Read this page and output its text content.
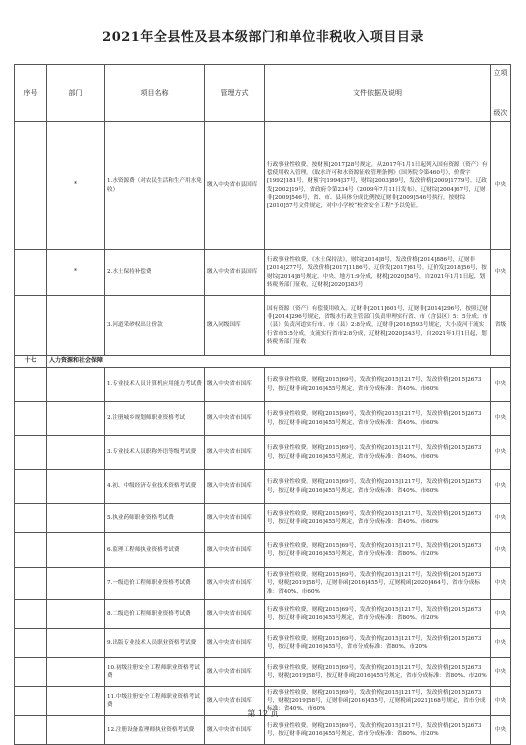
2021年全县性及县本级部门和单位非税收入项目目录
序号	部门	项目名称	管理方式	文件依据及说明	立项
级次

	*	1.水资源费（对农民生活和生产用水免收）	缴入中央省市县国库	行政事业性收费。按财预[2017]28号规定，从2017年1月1日起列入国有资源（资产）有偿使用收入管理。《取水许可和水资源征收管理条例》（国务院令第460号），价费字[1992]181号，财预字[1994]37号，财综[2003]89号，发改价格[2009]1779号，辽政发[2002]19号，省政府令第234号（2009年7月11日发布），辽财综[2004]67号，辽财非[2009]546号，省、市、县具体分成比例按辽财非[2009]546号执行，按财综[2010]57号文件规定，对中小学校“校舍安全工程”予以免征。	中央
	*	2.水土保持补偿费	缴入中央省市县国库	行政事业性收费。《水土保持法》，财综[2014]8号，发改价格[2014]886号，辽财非[2014]277号，发改价格[2017]1186号，辽价发[2017]61号，辽价发[2018]56号，按财综[2014]8号规定，中央、地方1:9分成，财税[2020]58号，自2021年1月1日起，划转税务部门征收，辽财税[2020]383号	中央
		3.河道采砂权出让价款	缴入同级国库	国有资源（资产）有偿使用收入。辽财非[2011]601号，辽财非[2014]296号，按照辽财非[2014]296号规定，省级水行政主管部门负责审理实行省、市（含县区）5：5分成；市（县）负责河道实行市、市（县）2:8分成，辽财非[2016]593号规定，大小凌河干流实行省市5:5分成，支流实行省市2:8分成，辽财税[2020]343号，自2021年1月1日起，划转税务部门征收	省级
十七	人力资源和社会保障				
		1.专业技术人员计算机应用能力考试费	缴入中央省市国库	行政事业性收费。财税[2015]69号，发改价格[2015]1217号，发改价格[2015]2673号，按辽财非函[2016]455号规定，省市分成标准：省40%、市60%	中央
		2.注册城乡规划师职业资格考试	缴入中央省市国库	行政事业性收费。财税[2015]69号，发改价格[2015]1217号，发改价格[2015]2673号，按辽财非函[2016]455号规定，省市分成标准：省40%、市60%	中央
		3.专业技术人员职称外语等级考试费	缴入中央省市国库	行政事业性收费。财税[2015]69号，发改价格[2015]1217号，发改价格[2015]2673号，按辽财非函[2016]455号规定，省市分成标准：省40%、市60%	中央
		4.初、中级经济专业技术资格考试费	缴入中央省市国库	行政事业性收费。财税[2015]69号，发改价格[2015]1217号，发改价格[2015]2673号，按辽财非函[2016]455号规定，省市分成标准：省40%、市60%	中央
		5.执业药师职业资格考试费	缴入中央省市国库	行政事业性收费。财税[2015]69号，发改价格[2015]1217号，发改价格[2015]2673号，按辽财非函[2016]455号规定，省市分成标准：省40%、市60%	中央
		6.监理工程师执业资格考试费	缴入中央省市国库	行政事业性收费。财税[2015]69号，发改价格[2015]1217号，发改价格[2015]2673号，按辽财非函[2016]455号规定，省市分成标准：省80%、市20%	中央
		7.一级造价工程师职业资格考试费	缴入中央省市国库	行政事业性收费。财税[2015]69号，发改价格[2015]1217号，发改价格[2015]2673号，财税[2019]58号，辽财非函[2016]455号，辽财税函[2020]464号，省市分成标准：省40%、市60%	中央
		8.二级造价工程师职业资格考试费	缴入中央省市国库	行政事业性收费。财税[2015]69号，发改价格[2015]1217号，发改价格[2015]2673号，按辽财非函[2016]455号规定，省市分成标准：省80%、市20%	中央
		9.出版专业技术人员职业资格考试费	缴入中央省市国库	行政事业性收费。财税[2015]69号，发改价格[2015]1217号，发改价格[2015]2673号，按辽财非函[2016]455号，省市分成标准：省80%、市20%	中央
		10.初级注册安全工程师职业资格考试费	缴入中央省市国库	行政事业性收费。财税[2015]69号，发改价格[2015]1217号，发改价格[2015]2673号，财税[2019]58号，按辽财非函[2016]455号规定，省市分成标准：省80%、市20%	中央
		11.中级注册安全工程师职业资格考试费	缴入中央省市国库	行政事业性收费。财税[2015]69号，发改价格[2015]1217号，发改价格[2015]2673号，财税[2019]58号，辽财非函[2016]455号，辽财税函[2021]168号规定，省市分成标准：省40%、市60%	中央
		12.注册设备监理师执业资格考试费	缴入中央省市国库	行政事业性收费。财税[2015]69号，发改价格[2015]1217号，发改价格[2015]2673号，按辽财非函[2016]455号规定，省市分成标准：省80%、市20%	中央
第 12 页
